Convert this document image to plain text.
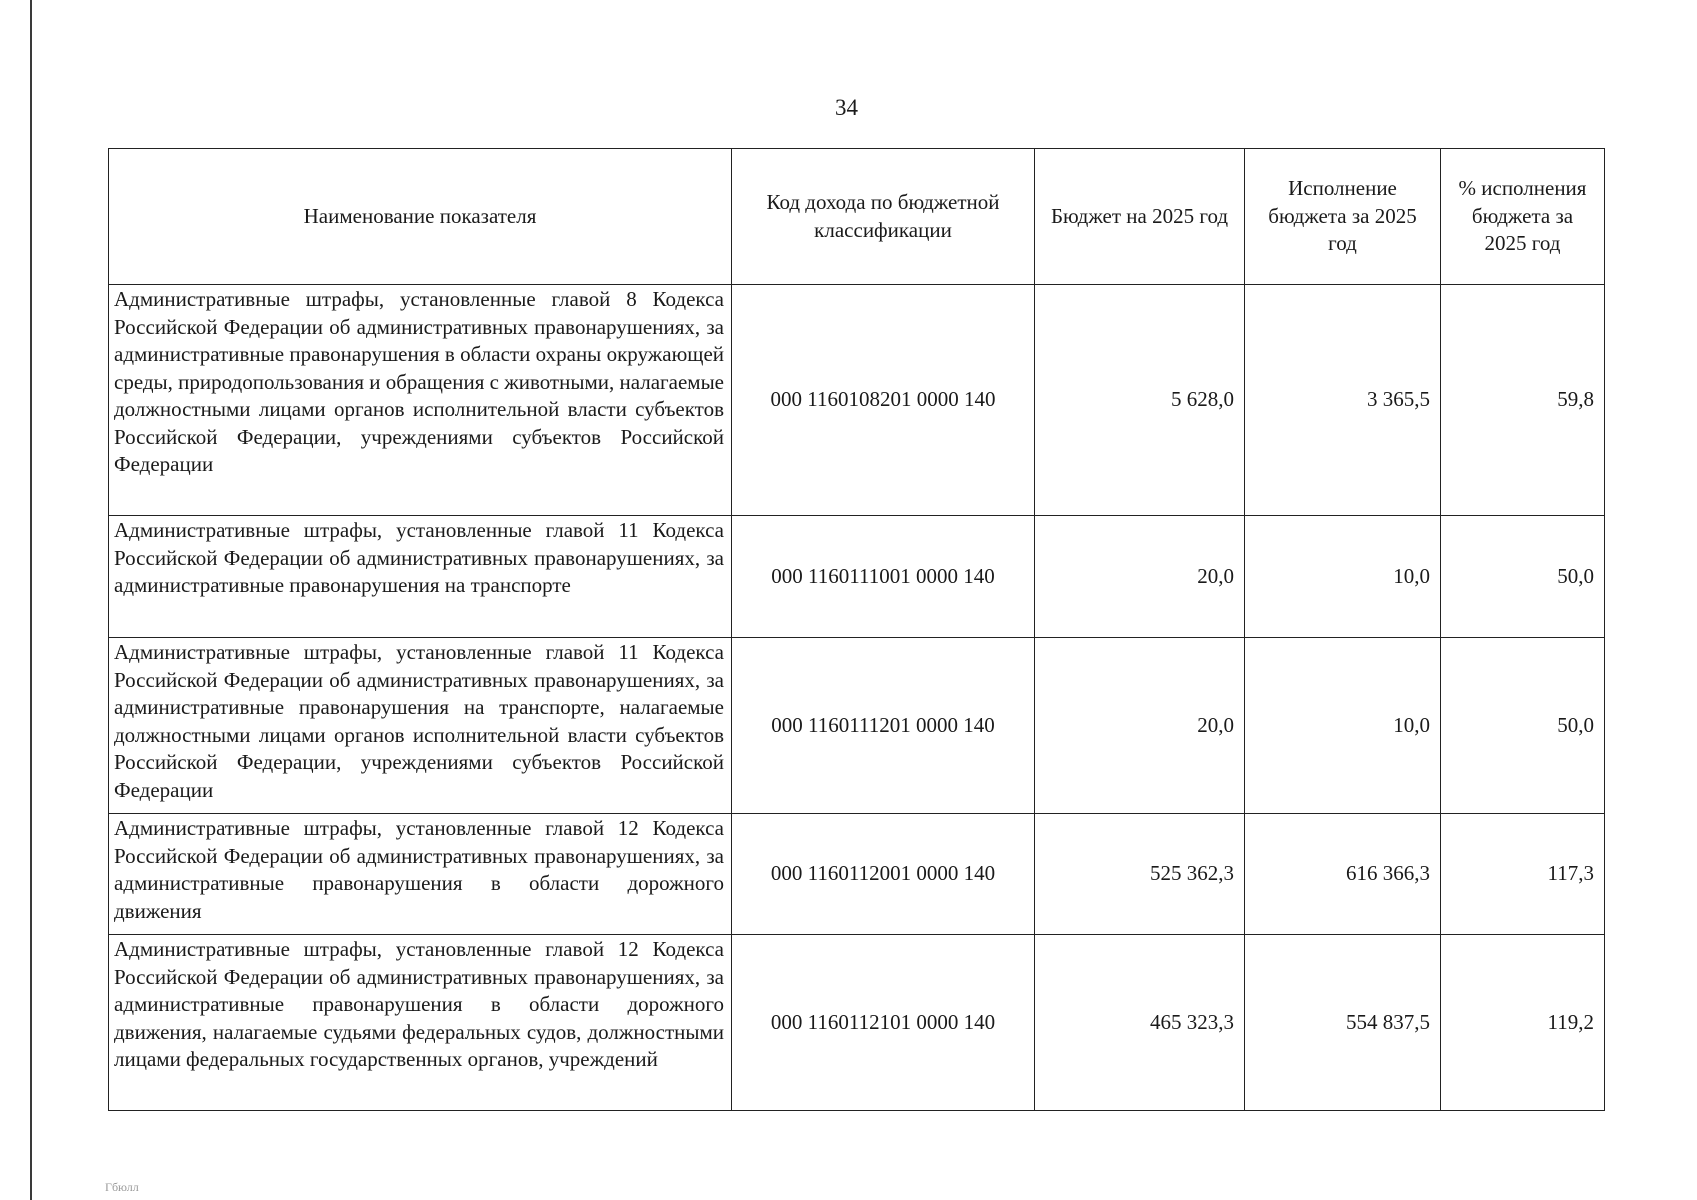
34
Наименование показателя	Код дохода по бюджетной классификации	Бюджет на 2025 год	Исполнение бюджета за 2025 год	% исполнения бюджета за 2025 год
Административные штрафы, установленные главой 8 Кодекса Российской Федерации об административных правонарушениях, за административные правонарушения в области охраны окружающей среды, природопользования и обращения с животными, налагаемые должностными лицами органов исполнительной власти субъектов Российской Федерации, учреждениями субъектов Российской Федерации	000 1160108201 0000 140	5 628,0	3 365,5	59,8
Административные штрафы, установленные главой 11 Кодекса Российской Федерации об административных правонарушениях, за административные правонарушения на транспорте	000 1160111001 0000 140	20,0	10,0	50,0
Административные штрафы, установленные главой 11 Кодекса Российской Федерации об административных правонарушениях, за административные правонарушения на транспорте, налагаемые должностными лицами органов исполнительной власти субъектов Российской Федерации, учреждениями субъектов Российской Федерации	000 1160111201 0000 140	20,0	10,0	50,0
Административные штрафы, установленные главой 12 Кодекса Российской Федерации об административных правонарушениях, за административные правонарушения в области дорожного движения	000 1160112001 0000 140	525 362,3	616 366,3	117,3
Административные штрафы, установленные главой 12 Кодекса Российской Федерации об административных правонарушениях, за административные правонарушения в области дорожного движения, налагаемые судьями федеральных судов, должностными лицами федеральных государственных органов, учреждений	000 1160112101 0000 140	465 323,3	554 837,5	119,2
Гбюлл
